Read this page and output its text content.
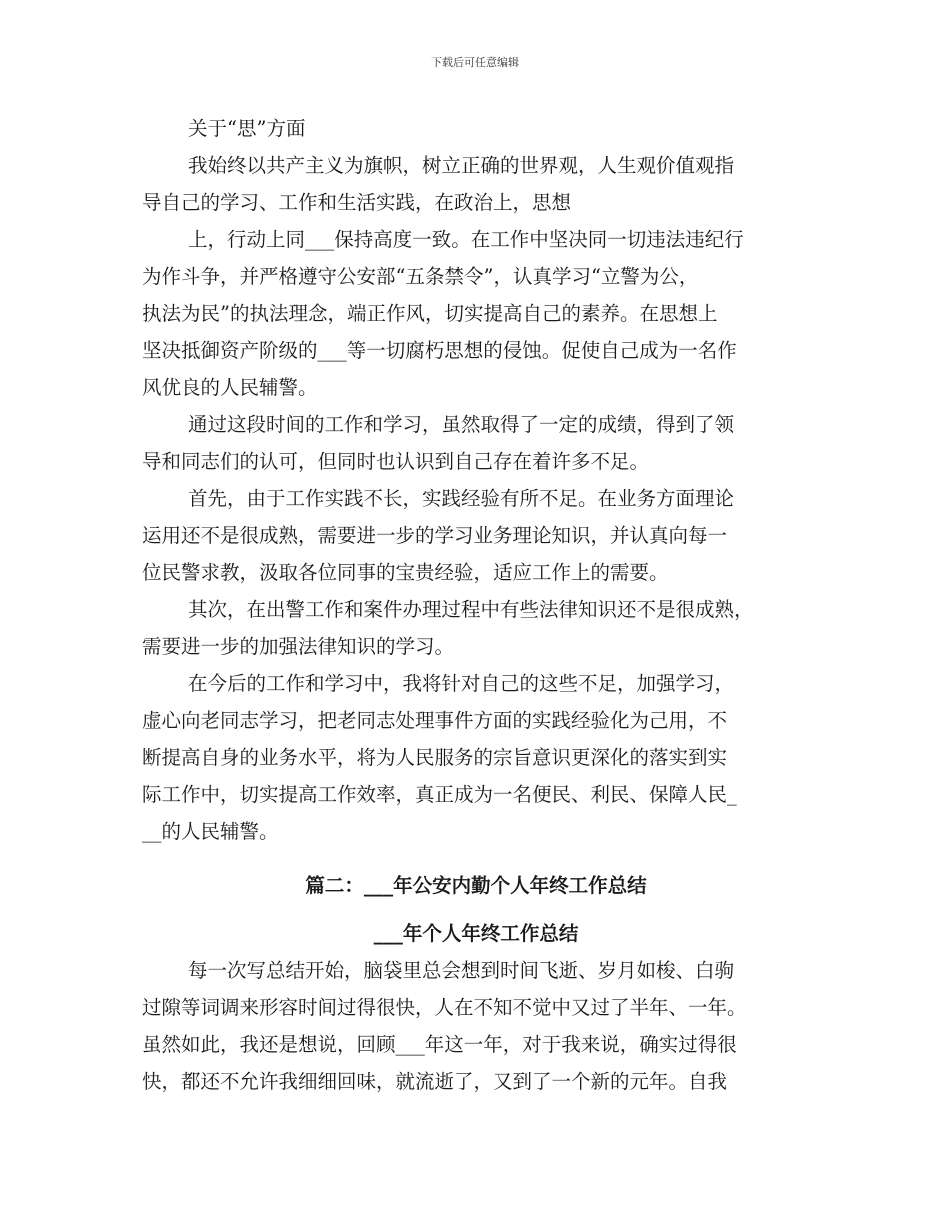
下载后可任意编辑
关于“思”方面
我始终以共产主义为旗帜，树立正确的世界观，人生观价值观指
导自己的学习、工作和生活实践，在政治上，思想
上，行动上同___保持高度一致。在工作中坚决同一切违法违纪行
为作斗争，并严格遵守公安部“五条禁令”，认真学习“立警为公，
执法为民”的执法理念，端正作风，切实提高自己的素养。在思想上
坚决抵御资产阶级的___等一切腐朽思想的侵蚀。促使自己成为一名作
风优良的人民辅警。
通过这段时间的工作和学习，虽然取得了一定的成绩，得到了领
导和同志们的认可，但同时也认识到自己存在着许多不足。
首先，由于工作实践不长，实践经验有所不足。在业务方面理论
运用还不是很成熟，需要进一步的学习业务理论知识，并认真向每一
位民警求教，汲取各位同事的宝贵经验，适应工作上的需要。
其次，在出警工作和案件办理过程中有些法律知识还不是很成熟，
需要进一步的加强法律知识的学习。
在今后的工作和学习中，我将针对自己的这些不足，加强学习，
虚心向老同志学习，把老同志处理事件方面的实践经验化为己用，不
断提高自身的业务水平，将为人民服务的宗旨意识更深化的落实到实
际工作中，切实提高工作效率，真正成为一名便民、利民、保障人民_
__的人民辅警。
篇二：___年公安内勤个人年终工作总结
___年个人年终工作总结
每一次写总结开始，脑袋里总会想到时间飞逝、岁月如梭、白驹
过隙等词调来形容时间过得很快，人在不知不觉中又过了半年、一年。
虽然如此，我还是想说，回顾___年这一年，对于我来说，确实过得很
快，都还不允许我细细回味，就流逝了，又到了一个新的元年。自我
